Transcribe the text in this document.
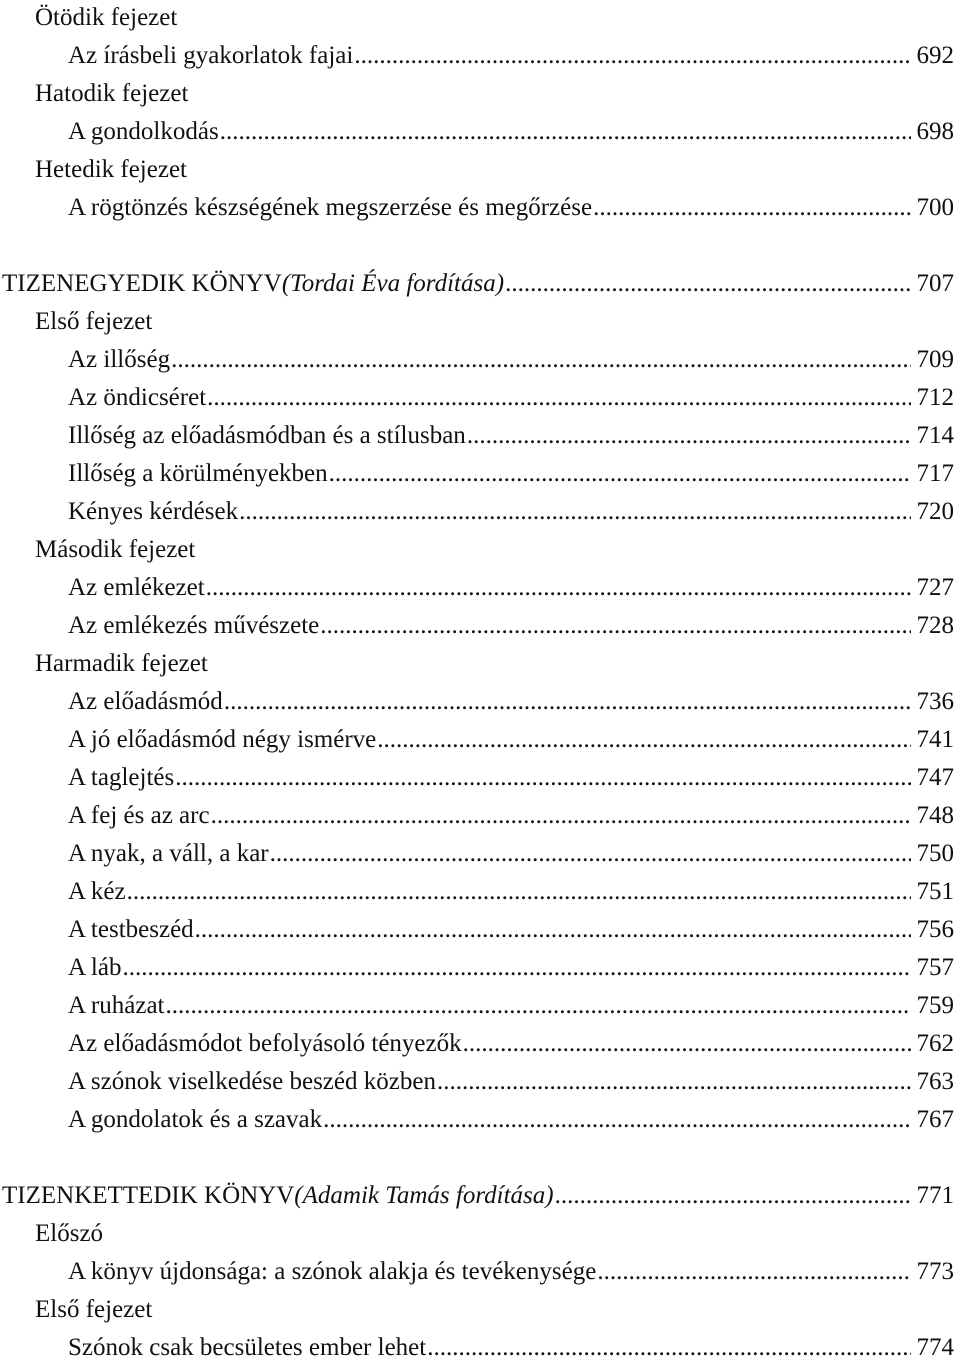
Ötödik fejezet
Az írásbeli gyakorlatok fajai .....	692
Hatodik fejezet
A gondolkodás .....	698
Hetedik fejezet
A rögtönzés készségének megszerzése és megőrzése .....	700
TIZENEGYEDIK KÖNYV (Tordai Éva fordítása) .....	707
Első fejezet
Az illőség .....	709
Az öndicséret .....	712
Illőség az előadásmódban és a stílusban .....	714
Illőség a körülményekben .....	717
Kényes kérdések .....	720
Második fejezet
Az emlékezet .....	727
Az emlékezés művészete .....	728
Harmadik fejezet
Az előadásmód .....	736
A jó előadásmód négy ismérve .....	741
A taglejtés .....	747
A fej és az arc .....	748
A nyak, a váll, a kar .....	750
A kéz .....	751
A testbeszéd .....	756
A láb .....	757
A ruházat .....	759
Az előadásmódot befolyásoló tényezők .....	762
A szónok viselkedése beszéd közben .....	763
A gondolatok és a szavak .....	767
TIZENKETTEDIK KÖNYV (Adamik Tamás fordítása) .....	771
Előszó
A könyv újdonsága: a szónok alakja és tevékenysége .....	773
Első fejezet
Szónok csak becsületes ember lehet .....	774
